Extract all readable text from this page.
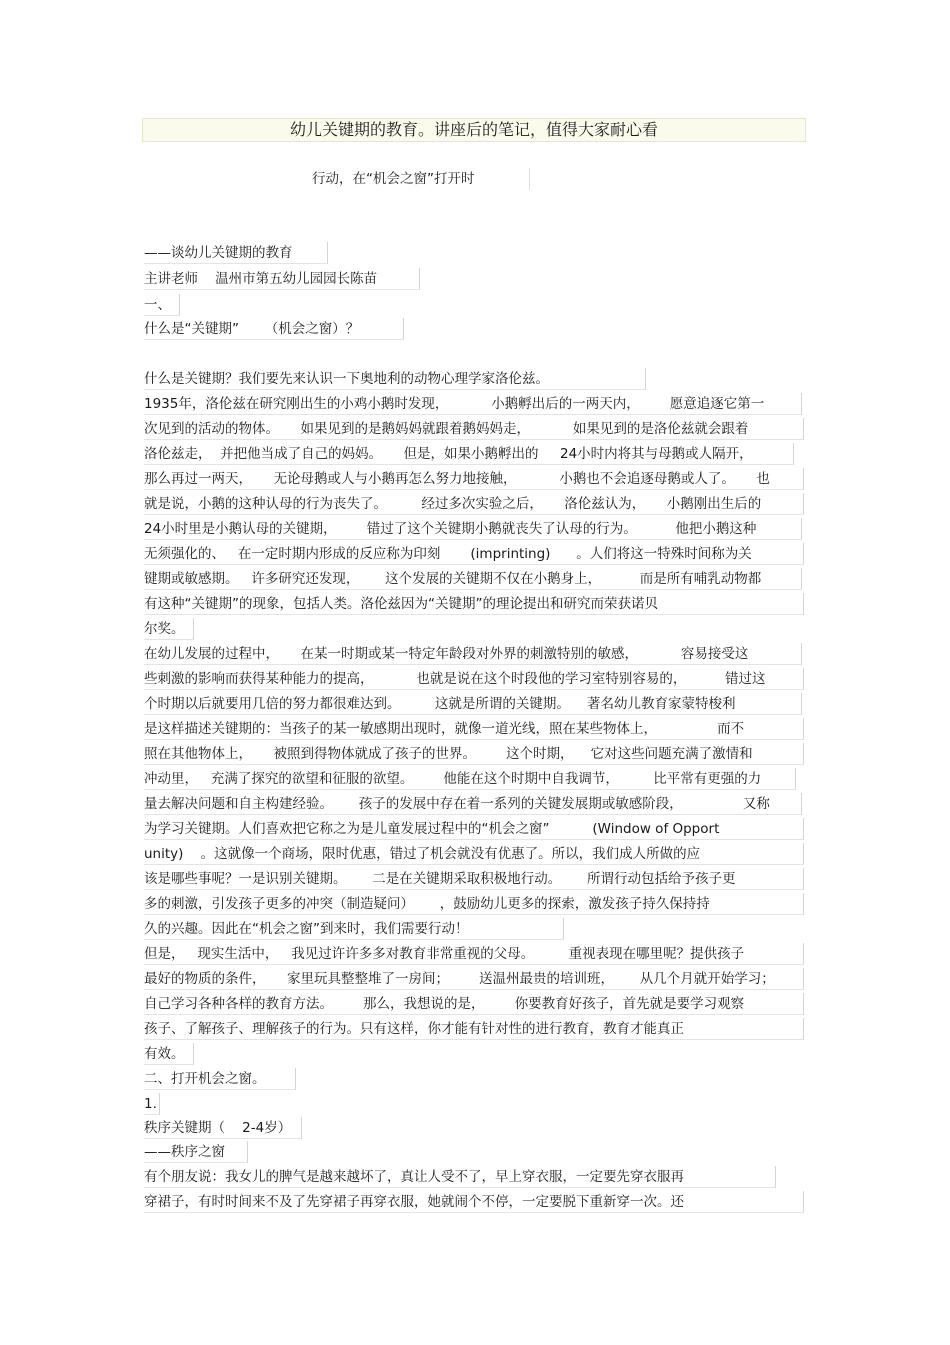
幼儿关键期的教育。讲座后的笔记，值得大家耐心看
行动，在“机会之窗”打开时
——谈幼儿关键期的教育
主讲老师    温州市第五幼儿园园长陈苗
一、
什么是“关键期”      （机会之窗）？
什么是关键期？我们要先来认识一下奥地利的动物心理学家洛伦兹。
1935年，洛伦兹在研究刚出生的小鸡小鹅时发现，          小鹅孵出后的一两天内，       愿意追逐它第一
次见到的活动的物体。     如果见到的是鹅妈妈就跟着鹅妈妈走，          如果见到的是洛伦兹就会跟着
洛伦兹走，  并把他当成了自己的妈妈。     但是，如果小鹅孵出的     24小时内将其与母鹅或人隔开，
那么再过一两天，     无论母鹅或人与小鹅再怎么努力地接触，          小鹅也不会追逐母鹅或人了。     也
就是说，小鹅的这种认母的行为丧失了。        经过多次实验之后，     洛伦兹认为，     小鹅刚出生后的
24小时里是小鹅认母的关键期，       错过了这个关键期小鹅就丧失了认母的行为。         他把小鹅这种
无须强化的、   在一定时期内形成的反应称为印刻       (imprinting)      。人们将这一特殊时间称为关
键期或敏感期。   许多研究还发现，      这个发展的关键期不仅在小鹅身上，         而是所有哺乳动物都
有这种“关键期”的现象，包括人类。洛伦兹因为“关键期”的理论提出和研究而荣获诺贝
尔奖。
在幼儿发展的过程中，     在某一时期或某一特定年龄段对外界的刺激特别的敏感，          容易接受这
些刺激的影响而获得某种能力的提高，          也就是说在这个时段他的学习室特别容易的，         错过这
个时期以后就要用几倍的努力都很难达到。        这就是所谓的关键期。    著名幼儿教育家蒙特梭利
是这样描述关键期的：当孩子的某一敏感期出现时，就像一道光线，照在某些物体上，              而不
照在其他物体上，     被照到得物体就成了孩子的世界。       这个时期，    它对这些问题充满了激情和
冲动里，   充满了探究的欲望和征服的欲望。       他能在这个时期中自我调节，        比平常有更强的力
量去解决问题和自主构建经验。      孩子的发展中存在着一系列的关键发展期或敏感阶段，              又称
为学习关键期。人们喜欢把它称之为是儿童发展过程中的“机会之窗”          (Window of Opport
unity)    。这就像一个商场，限时优惠，错过了机会就没有优惠了。所以，我们成人所做的应
该是哪些事呢？一是识别关键期。      二是在关键期采取积极地行动。      所谓行动包括给予孩子更
多的刺激，引发孩子更多的冲突（制造疑问）      ，鼓励幼儿更多的探索，激发孩子持久保持持
久的兴趣。因此在“机会之窗”到来时，我们需要行动！
但是，   现实生活中，   我见过许许多多对教育非常重视的父母。        重视表现在哪里呢？提供孩子
最好的物质的条件，     家里玩具整整堆了一房间；       送温州最贵的培训班，      从几个月就开始学习；
自己学习各种各样的教育方法。       那么，我想说的是，       你要教育好孩子，首先就是要学习观察
孩子、了解孩子、理解孩子的行为。只有这样，你才能有针对性的进行教育，教育才能真正
有效。
二、打开机会之窗。
1.
秩序关键期（    2-4岁）
——秩序之窗
有个朋友说：我女儿的脾气是越来越坏了，真让人受不了，早上穿衣服，一定要先穿衣服再
穿裙子，有时时间来不及了先穿裙子再穿衣服，她就闹个不停，一定要脱下重新穿一次。还
